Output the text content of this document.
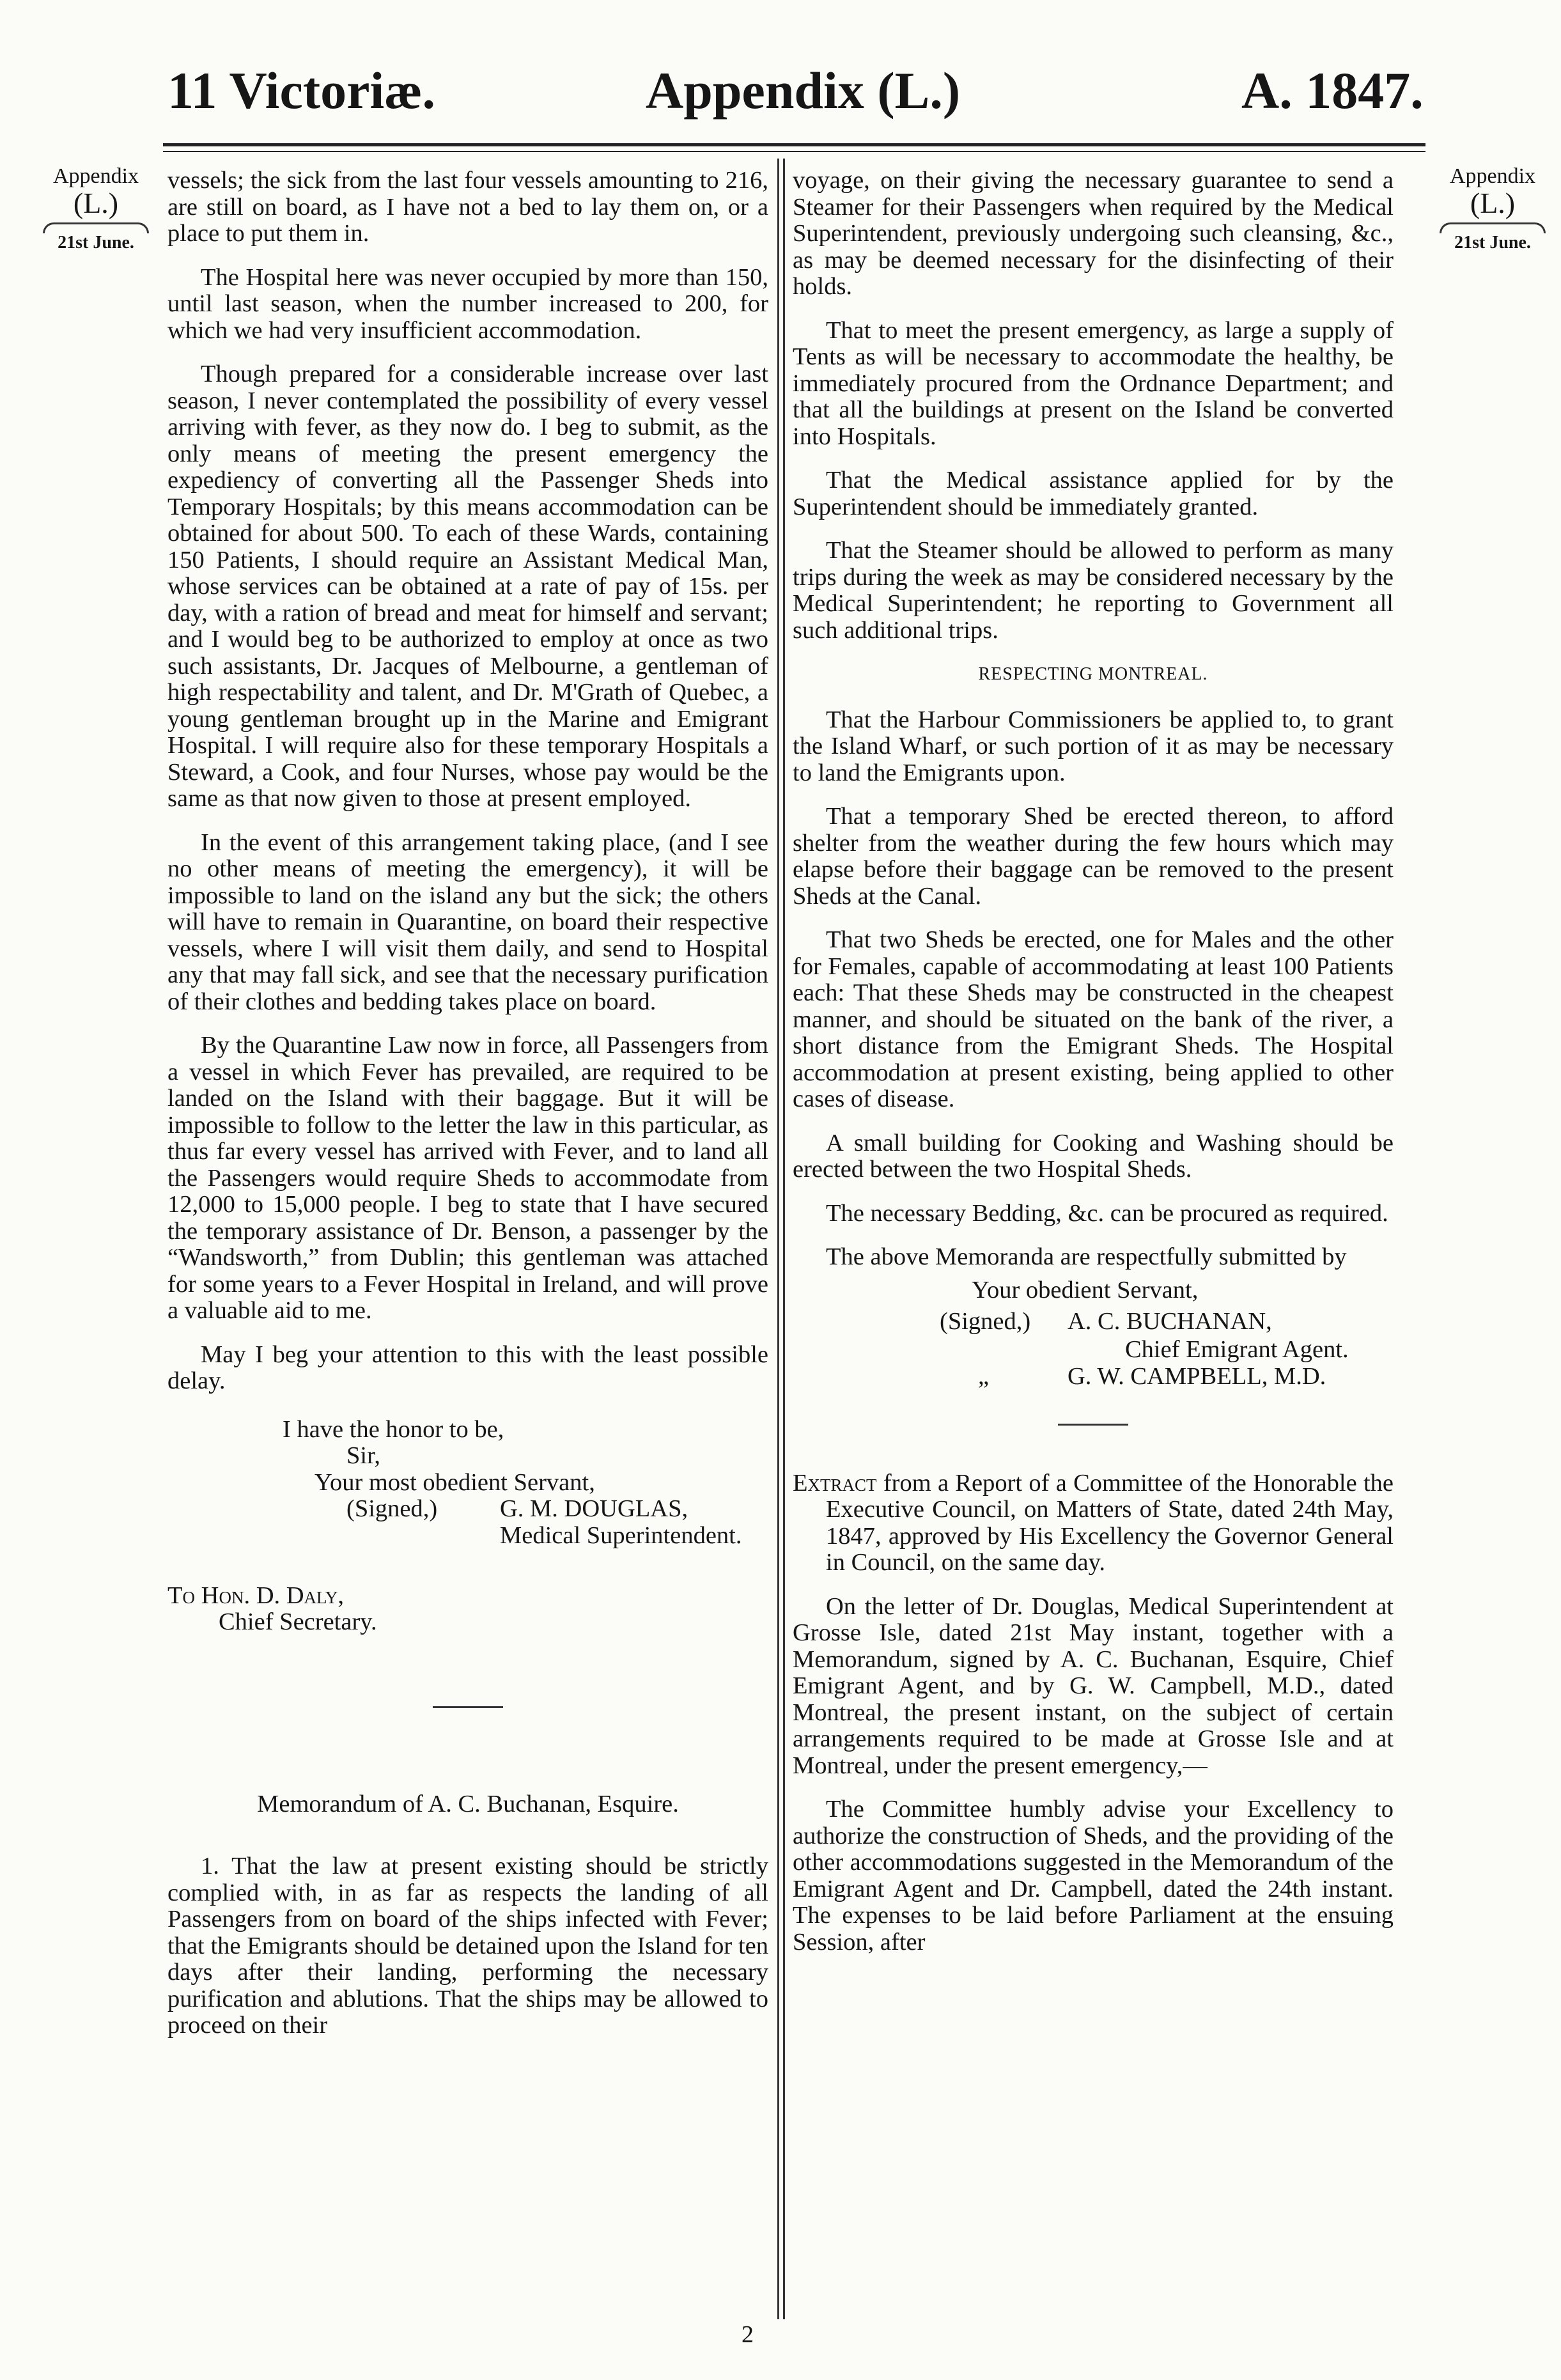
11 Victoriæ.	Appendix (L.)	A. 1847.
Appendix
(L.)
21st June.
Appendix
(L.)
21st June.

vessels; the sick from the last four vessels amounting to 216, are still on board, as I have not a bed to lay them on, or a place to put them in.

The Hospital here was never occupied by more than 150, until last season, when the number increased to 200, for which we had very insufficient accommodation.

Though prepared for a considerable increase over last season, I never contemplated the possibility of every vessel arriving with fever, as they now do. I beg to submit, as the only means of meeting the present emergency the expediency of converting all the Passenger Sheds into Temporary Hospitals; by this means accommodation can be obtained for about 500. To each of these Wards, containing 150 Patients, I should require an Assistant Medical Man, whose services can be obtained at a rate of pay of 15s. per day, with a ration of bread and meat for himself and servant; and I would beg to be authorized to employ at once as two such assistants, Dr. Jacques of Melbourne, a gentleman of high respectability and talent, and Dr. M'Grath of Quebec, a young gentleman brought up in the Marine and Emigrant Hospital. I will require also for these temporary Hospitals a Steward, a Cook, and four Nurses, whose pay would be the same as that now given to those at present employed.

In the event of this arrangement taking place, (and I see no other means of meeting the emergency), it will be impossible to land on the island any but the sick; the others will have to remain in Quarantine, on board their respective vessels, where I will visit them daily, and send to Hospital any that may fall sick, and see that the necessary purification of their clothes and bedding takes place on board.

By the Quarantine Law now in force, all Passengers from a vessel in which Fever has prevailed, are required to be landed on the Island with their baggage. But it will be impossible to follow to the letter the law in this particular, as thus far every vessel has arrived with Fever, and to land all the Passengers would require Sheds to accommodate from 12,000 to 15,000 people. I beg to state that I have secured the temporary assistance of Dr. Benson, a passenger by the “Wandsworth,” from Dublin; this gentleman was attached for some years to a Fever Hospital in Ireland, and will prove a valuable aid to me.

May I beg your attention to this with the least possible delay.

I have the honor to be,
Sir,
Your most obedient Servant,
(Signed,)	G. M. DOUGLAS,
Medical Superintendent.
To Hon. D. Daly,
Chief Secretary.
Memorandum of A. C. Buchanan, Esquire.

1. That the law at present existing should be strictly complied with, in as far as respects the landing of all Passengers from on board of the ships infected with Fever; that the Emigrants should be detained upon the Island for ten days after their landing, performing the necessary purification and ablutions. That the ships may be allowed to proceed on their

voyage, on their giving the necessary guarantee to send a Steamer for their Passengers when required by the Medical Superintendent, previously undergoing such cleansing, &c., as may be deemed necessary for the disinfecting of their holds.

That to meet the present emergency, as large a supply of Tents as will be necessary to accommodate the healthy, be immediately procured from the Ordnance Department; and that all the buildings at present on the Island be converted into Hospitals.

That the Medical assistance applied for by the Superintendent should be immediately granted.

That the Steamer should be allowed to perform as many trips during the week as may be considered necessary by the Medical Superintendent; he reporting to Government all such additional trips.

RESPECTING MONTREAL.

That the Harbour Commissioners be applied to, to grant the Island Wharf, or such portion of it as may be necessary to land the Emigrants upon.

That a temporary Shed be erected thereon, to afford shelter from the weather during the few hours which may elapse before their baggage can be removed to the present Sheds at the Canal.

That two Sheds be erected, one for Males and the other for Females, capable of accommodating at least 100 Patients each: That these Sheds may be constructed in the cheapest manner, and should be situated on the bank of the river, a short distance from the Emigrant Sheds. The Hospital accommodation at present existing, being applied to other cases of disease.

A small building for Cooking and Washing should be erected between the two Hospital Sheds.

The necessary Bedding, &c. can be procured as required.

The above Memoranda are respectfully submitted by

Your obedient Servant,
(Signed,) A. C. BUCHANAN,
Chief Emigrant Agent.
„	G. W. CAMPBELL, M.D.

Extract from a Report of a Committee of the Honorable the Executive Council, on Matters of State, dated 24th May, 1847, approved by His Excellency the Governor General in Council, on the same day.

On the letter of Dr. Douglas, Medical Superintendent at Grosse Isle, dated 21st May instant, together with a Memorandum, signed by A. C. Buchanan, Esquire, Chief Emigrant Agent, and by G. W. Campbell, M.D., dated Montreal, the present instant, on the subject of certain arrangements required to be made at Grosse Isle and at Montreal, under the present emergency,—

The Committee humbly advise your Excellency to authorize the construction of Sheds, and the providing of the other accommodations suggested in the Memorandum of the Emigrant Agent and Dr. Campbell, dated the 24th instant. The expenses to be laid before Parliament at the ensuing Session, after

2
